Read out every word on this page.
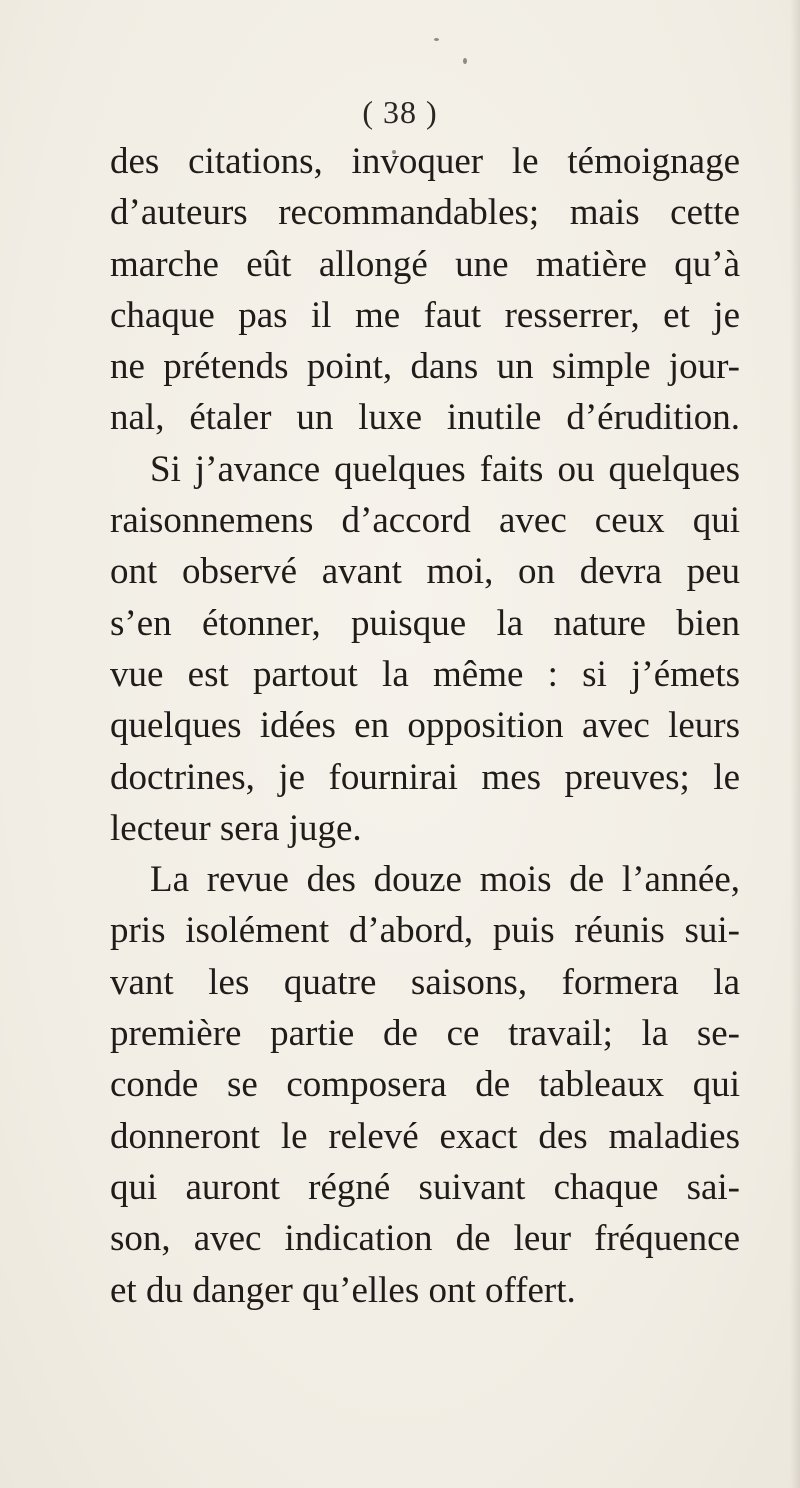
( 38 )
des citations, invoquer le témoignage
d’auteurs recommandables; mais cette
marche eût allongé une matière qu’à
chaque pas il me faut resserrer, et je
ne prétends point, dans un simple jour-
nal, étaler un luxe inutile d’érudition.
Si j’avance quelques faits ou quelques
raisonnemens d’accord avec ceux qui
ont observé avant moi, on devra peu
s’en étonner, puisque la nature bien
vue est partout la même : si j’émets
quelques idées en opposition avec leurs
doctrines, je fournirai mes preuves; le
lecteur sera juge.
La revue des douze mois de l’année,
pris isolément d’abord, puis réunis sui-
vant les quatre saisons, formera la
première partie de ce travail; la se-
conde se composera de tableaux qui
donneront le relevé exact des maladies
qui auront régné suivant chaque sai-
son, avec indication de leur fréquence
et du danger qu’elles ont offert.
